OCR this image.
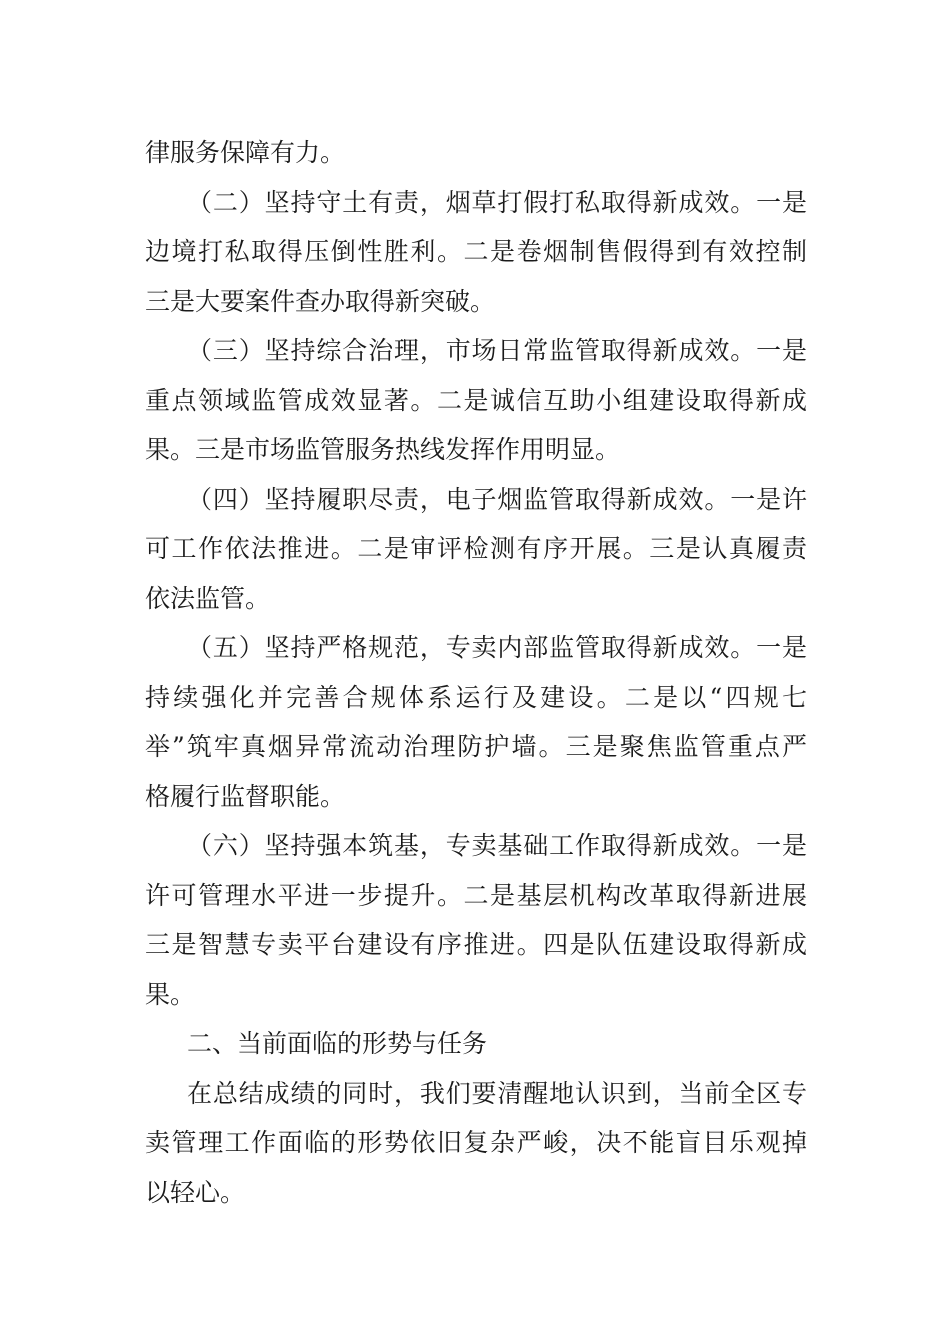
律服务保障有力。
（二）坚持守土有责，烟草打假打私取得新成效。一是
边境打私取得压倒性胜利。二是卷烟制售假得到有效控制
三是大要案件查办取得新突破。
（三）坚持综合治理，市场日常监管取得新成效。一是
重点领域监管成效显著。二是诚信互助小组建设取得新成
果。三是市场监管服务热线发挥作用明显。
（四）坚持履职尽责，电子烟监管取得新成效。一是许
可工作依法推进。二是审评检测有序开展。三是认真履责
依法监管。
（五）坚持严格规范，专卖内部监管取得新成效。一是
持续强化并完善合规体系运行及建设。二是以“四规七
举”筑牢真烟异常流动治理防护墙。三是聚焦监管重点严
格履行监督职能。
（六）坚持强本筑基，专卖基础工作取得新成效。一是
许可管理水平进一步提升。二是基层机构改革取得新进展
三是智慧专卖平台建设有序推进。四是队伍建设取得新成
果。
二、当前面临的形势与任务
在总结成绩的同时，我们要清醒地认识到，当前全区专
卖管理工作面临的形势依旧复杂严峻，决不能盲目乐观掉
以轻心。
